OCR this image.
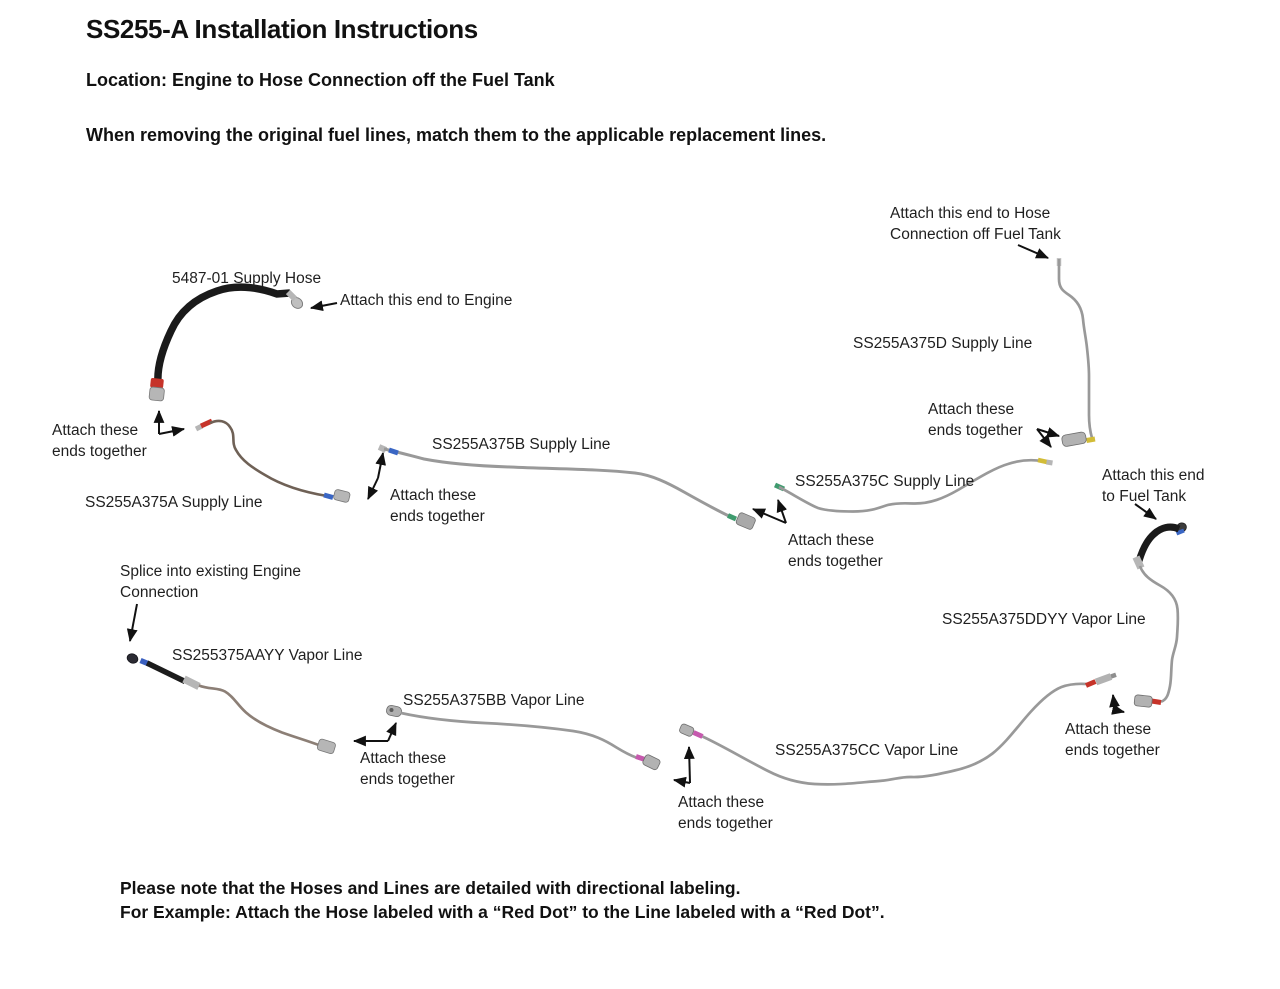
SS255-A Installation Instructions

Location: Engine to Hose Connection off the Fuel Tank

When removing the original fuel lines, match them to the applicable replacement lines.

5487-01 Supply Hose
Attach this end to Engine
Attach this end to Hose
Connection off Fuel Tank
SS255A375D Supply Line
SS255A375A Supply Line
SS255A375B Supply Line
SS255A375C Supply Line	Attach this end
to Fuel Tank
SS255A375DDYY Vapor Line
Splice into existing Engine
Connection
SS255375AAYY Vapor Line
SS255A375BB Vapor Line
SS255A375CC Vapor Line
Attach these
ends together
Attach these
ends together
Attach these
ends together
Attach these
ends together
Attach these
ends together
Attach these
ends together
Attach these
ends together

Please note that the Hoses and Lines are detailed with directional labeling.

For Example: Attach the Hose labeled with a “Red Dot” to the Line labeled with a “Red Dot”.
